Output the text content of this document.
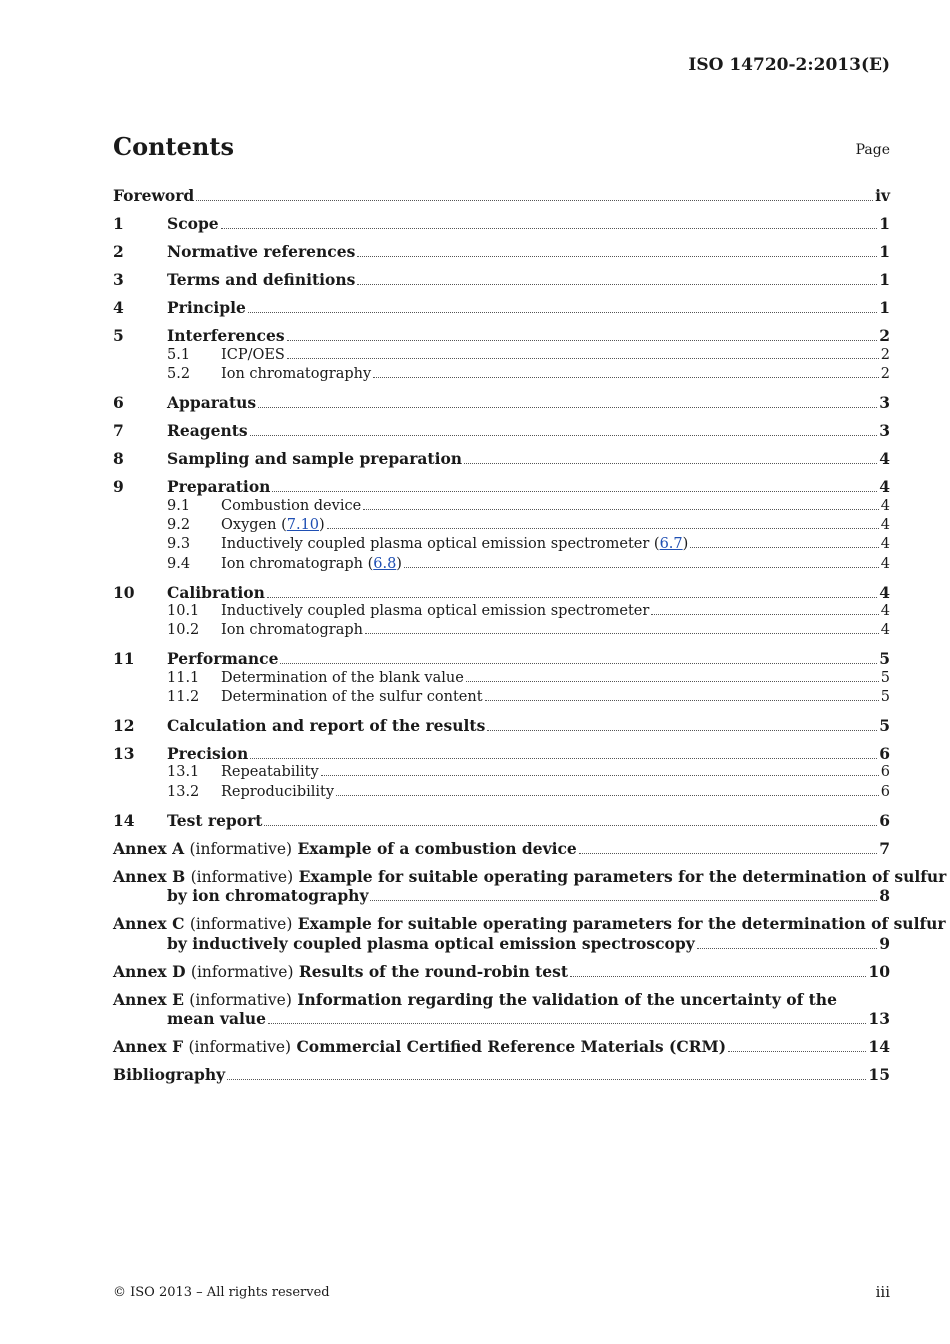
ISO 14720-2:2013(E)
Contents	Page
Foreword	iv
1	Scope	1
2	Normative references	1
3	Terms and definitions	1
4	Principle	1
5	Interferences	2
5.1	ICP/OES	2
5.2	Ion chromatography	2
6	Apparatus	3
7	Reagents	3
8	Sampling and sample preparation	4
9	Preparation	4
9.1	Combustion device	4
9.2	Oxygen (7.10)	4
9.3	Inductively coupled plasma optical emission spectrometer (6.7)	4
9.4	Ion chromatograph (6.8)	4
10	Calibration	4
10.1	Inductively coupled plasma optical emission spectrometer	4
10.2	Ion chromatograph	4
11	Performance	5
11.1	Determination of the blank value	5
11.2	Determination of the sulfur content	5
12	Calculation and report of the results	5
13	Precision	6
13.1	Repeatability	6
13.2	Reproducibility	6
14	Test report	6
Annex A (informative) Example of a combustion device	7
Annex B (informative) Example for suitable operating parameters for the determination of sulfur
by ion chromatography	8
Annex C (informative) Example for suitable operating parameters for the determination of sulfur
by inductively coupled plasma optical emission spectroscopy	9
Annex D (informative) Results of the round-robin test	10
Annex E (informative) Information regarding the validation of the uncertainty of the
mean value	13
Annex F (informative) Commercial Certified Reference Materials (CRM)	14
Bibliography	15
© ISO 2013 – All rights reserved	iii
